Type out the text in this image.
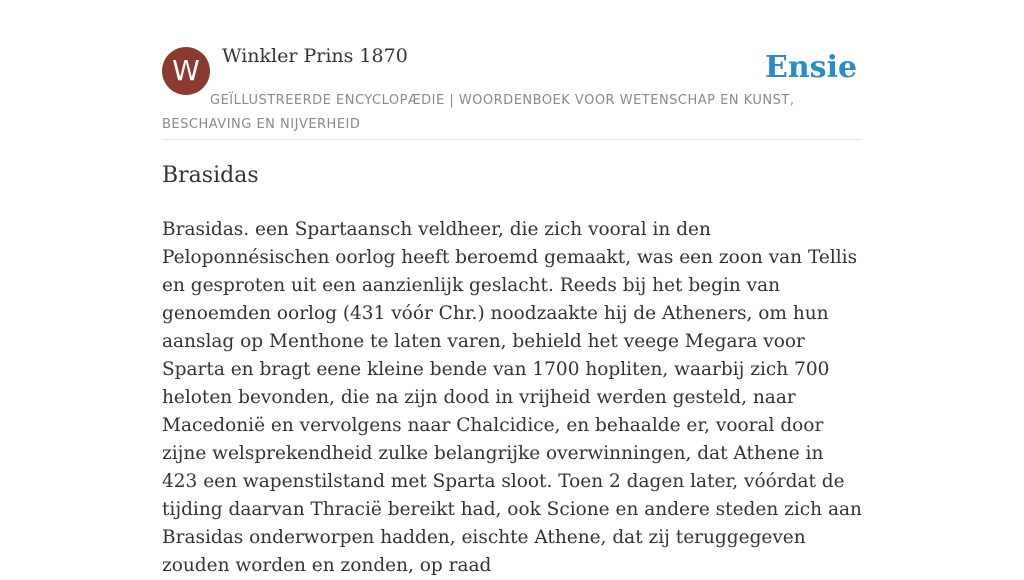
W	Winkler Prins 1870	Ensie
GEÏLLUSTREERDE ENCYCLOPÆDIE | WOORDENBOEK VOOR WETENSCHAP EN KUNST, BESCHAVING EN NIJVERHEID
Brasidas

Brasidas. een Spartaansch veldheer, die zich vooral in den Peloponnésischen oorlog heeft beroemd gemaakt, was een zoon van Tellis en gesproten uit een aanzienlijk geslacht. Reeds bij het begin van genoemden oorlog (431 vóór Chr.) noodzaakte hij de Atheners, om hun aanslag op Menthone te laten varen, behield het veege Megara voor Sparta en bragt eene kleine bende van 1700 hopliten, waarbij zich 700 heloten bevonden, die na zijn dood in vrijheid werden gesteld, naar Macedonië en vervolgens naar Chalcidice, en behaalde er, vooral door zijne welsprekendheid zulke belangrijke overwinningen, dat Athene in 423 een wapenstilstand met Sparta sloot. Toen 2 dagen later, vóórdat de tijding daarvan Thracië bereikt had, ook Scione en andere steden zich aan Brasidas onderworpen hadden, eischte Athene, dat zij teruggegeven zouden worden en zonden, op raad
